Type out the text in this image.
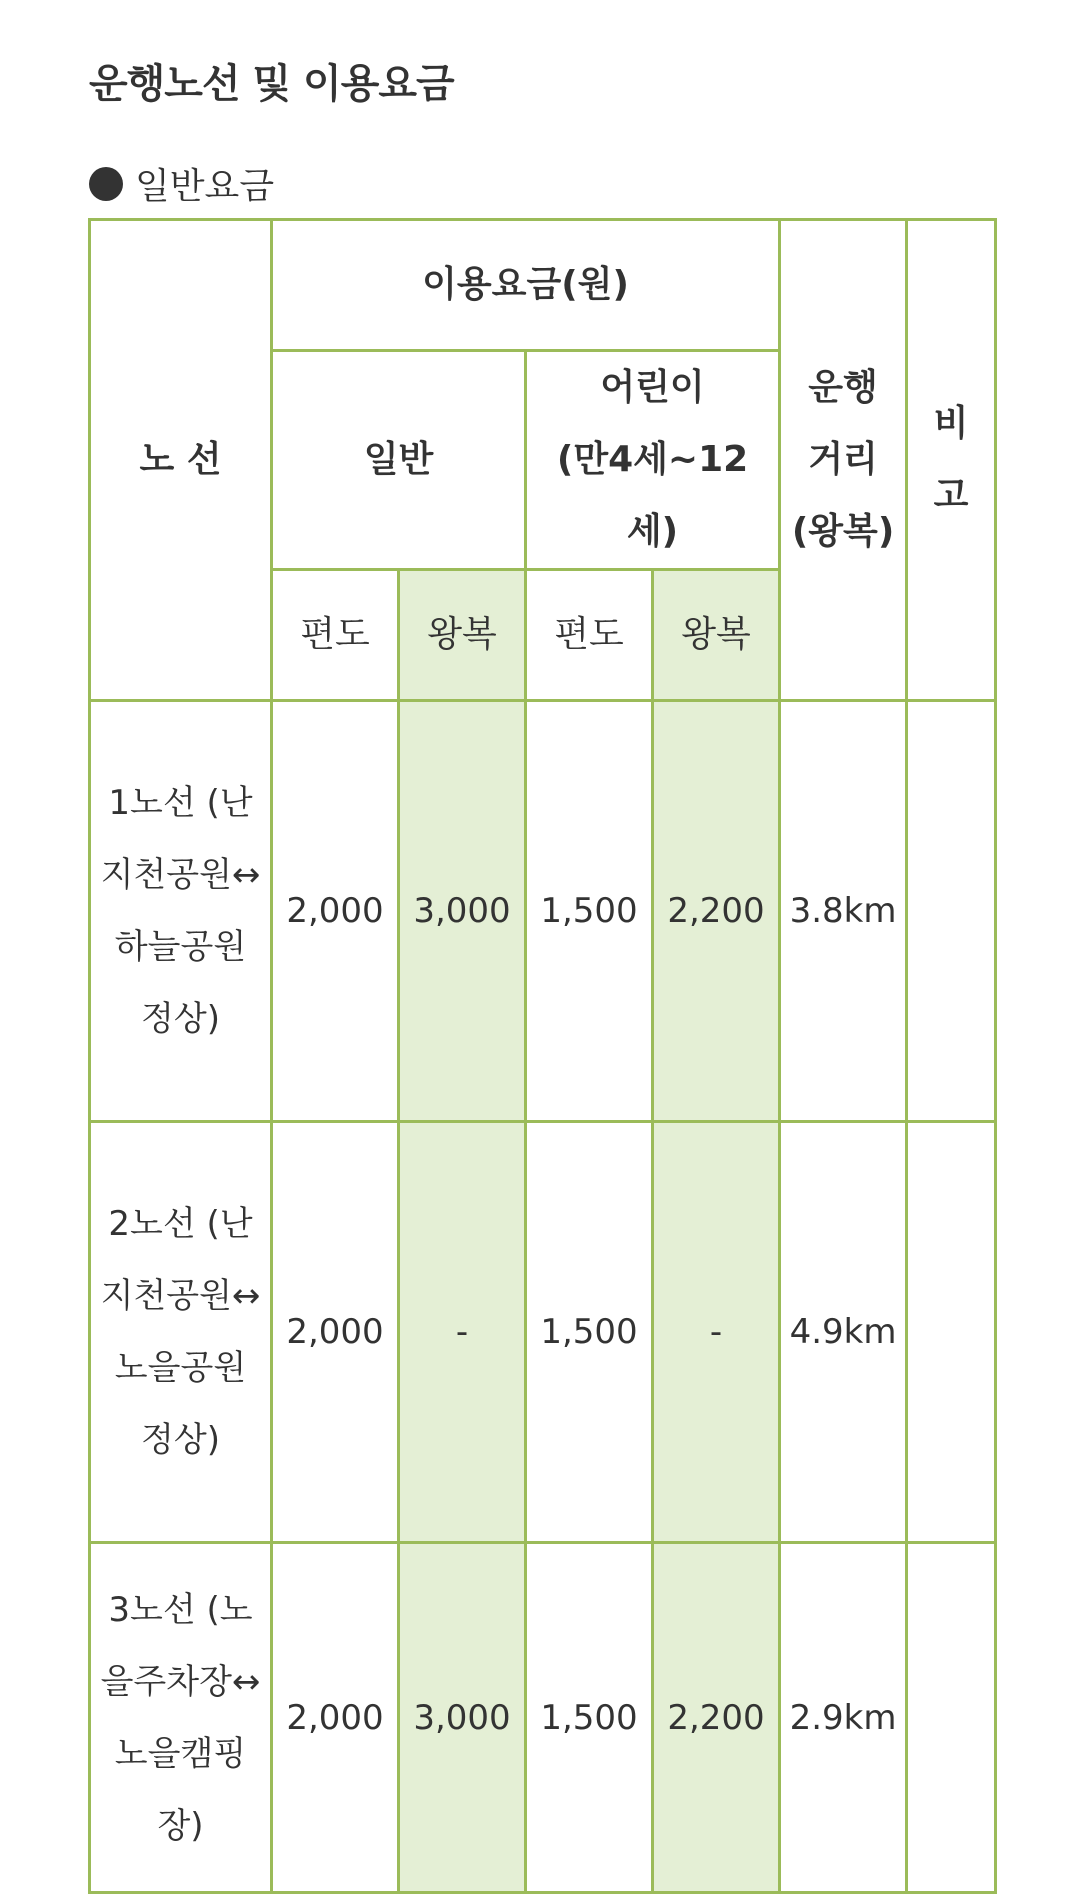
운행노선 및 이용요금
일반요금
노 선	이용요금(원)				운행 거리 (왕복)	비 고
	일반		어린이
(만4세~12세)			
	편도	왕복	편도	왕복		
1노선 (난지천공원↔하늘공원 정상)	2,000	3,000	1,500	2,200	3.8km	
2노선 (난지천공원↔노을공원 정상)	2,000	-	1,500	-	4.9km	
3노선 (노을주차장↔노을캠핑장)	2,000	3,000	1,500	2,200	2.9km	
